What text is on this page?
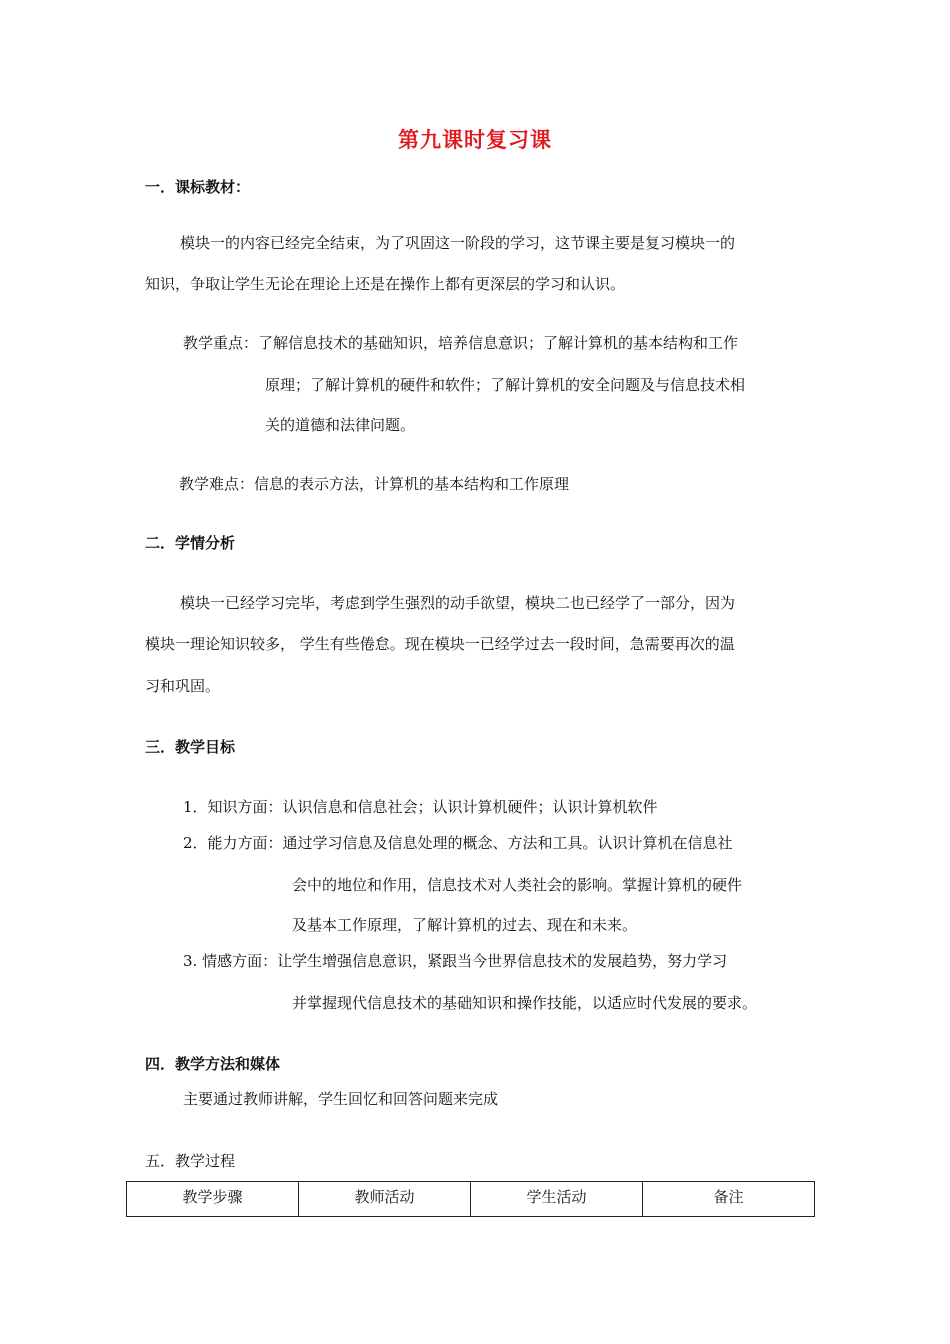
第九课时复习课
一．课标教材：
模块一的内容已经完全结束，为了巩固这一阶段的学习，这节课主要是复习模块一的
知识，争取让学生无论在理论上还是在操作上都有更深层的学习和认识。
教学重点：了解信息技术的基础知识，培养信息意识；了解计算机的基本结构和工作
原理；了解计算机的硬件和软件；了解计算机的安全问题及与信息技术相
关的道德和法律问题。
教学难点：信息的表示方法，计算机的基本结构和工作原理
二．学情分析
模块一已经学习完毕，考虑到学生强烈的动手欲望，模块二也已经学了一部分，因为
模块一理论知识较多， 学生有些倦怠。现在模块一已经学过去一段时间，急需要再次的温
习和巩固。
三．教学目标
1．知识方面：认识信息和信息社会；认识计算机硬件；认识计算机软件
2．能力方面：通过学习信息及信息处理的概念、方法和工具。认识计算机在信息社
会中的地位和作用，信息技术对人类社会的影响。掌握计算机的硬件
及基本工作原理，了解计算机的过去、现在和未来。
3. 情感方面：让学生增强信息意识，紧跟当今世界信息技术的发展趋势，努力学习
并掌握现代信息技术的基础知识和操作技能，以适应时代发展的要求。
四．教学方法和媒体
主要通过教师讲解，学生回忆和回答问题来完成
五．教学过程
教学步骤	教师活动	学生活动	备注
